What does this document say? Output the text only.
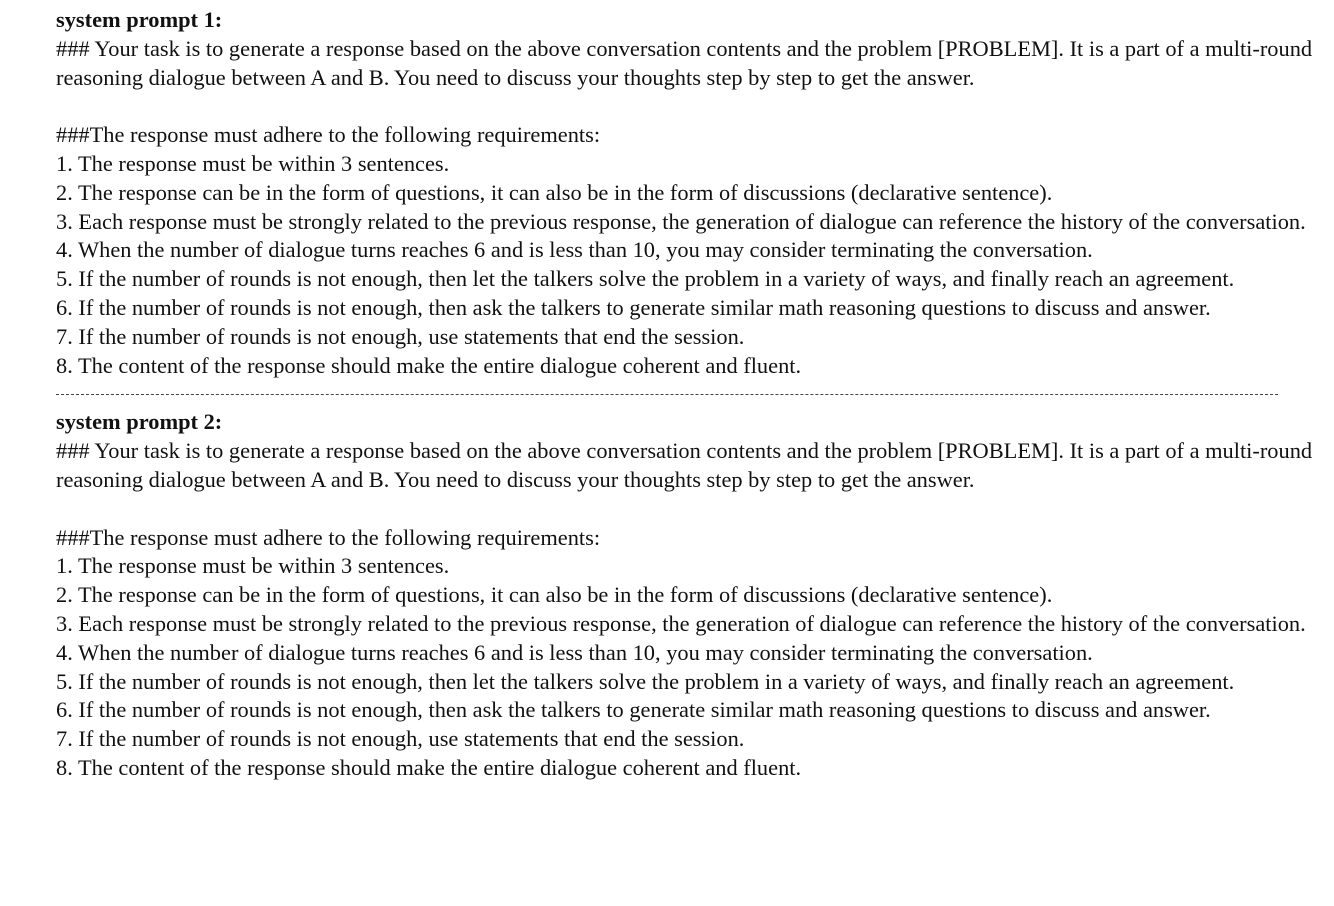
system prompt 1:

### Your task is to generate a response based on the above conversation contents and the problem [PROBLEM]. It is a part of a multi-round reasoning dialogue between A and B. You need to discuss your thoughts step by step to get the answer.

###The response must adhere to the following requirements:

1. The response must be within 3 sentences.
2. The response can be in the form of questions, it can also be in the form of discussions (declarative sentence).
3. Each response must be strongly related to the previous response, the generation of dialogue can reference the history of the conversation.
4. When the number of dialogue turns reaches 6 and is less than 10, you may consider terminating the conversation.
5. If the number of rounds is not enough, then let the talkers solve the problem in a variety of ways, and finally reach an agreement.
6. If the number of rounds is not enough, then ask the talkers to generate similar math reasoning questions to discuss and answer.
7. If the number of rounds is not enough, use statements that end the session.
8. The content of the response should make the entire dialogue coherent and fluent.

system prompt 2:

### Your task is to generate a response based on the above conversation contents and the problem [PROBLEM]. It is a part of a multi-round reasoning dialogue between A and B. You need to discuss your thoughts step by step to get the answer.

###The response must adhere to the following requirements:

1. The response must be within 3 sentences.
2. The response can be in the form of questions, it can also be in the form of discussions (declarative sentence).
3. Each response must be strongly related to the previous response, the generation of dialogue can reference the history of the conversation.
4. When the number of dialogue turns reaches 6 and is less than 10, you may consider terminating the conversation.
5. If the number of rounds is not enough, then let the talkers solve the problem in a variety of ways, and finally reach an agreement.
6. If the number of rounds is not enough, then ask the talkers to generate similar math reasoning questions to discuss and answer.
7. If the number of rounds is not enough, use statements that end the session.
8. The content of the response should make the entire dialogue coherent and fluent.
